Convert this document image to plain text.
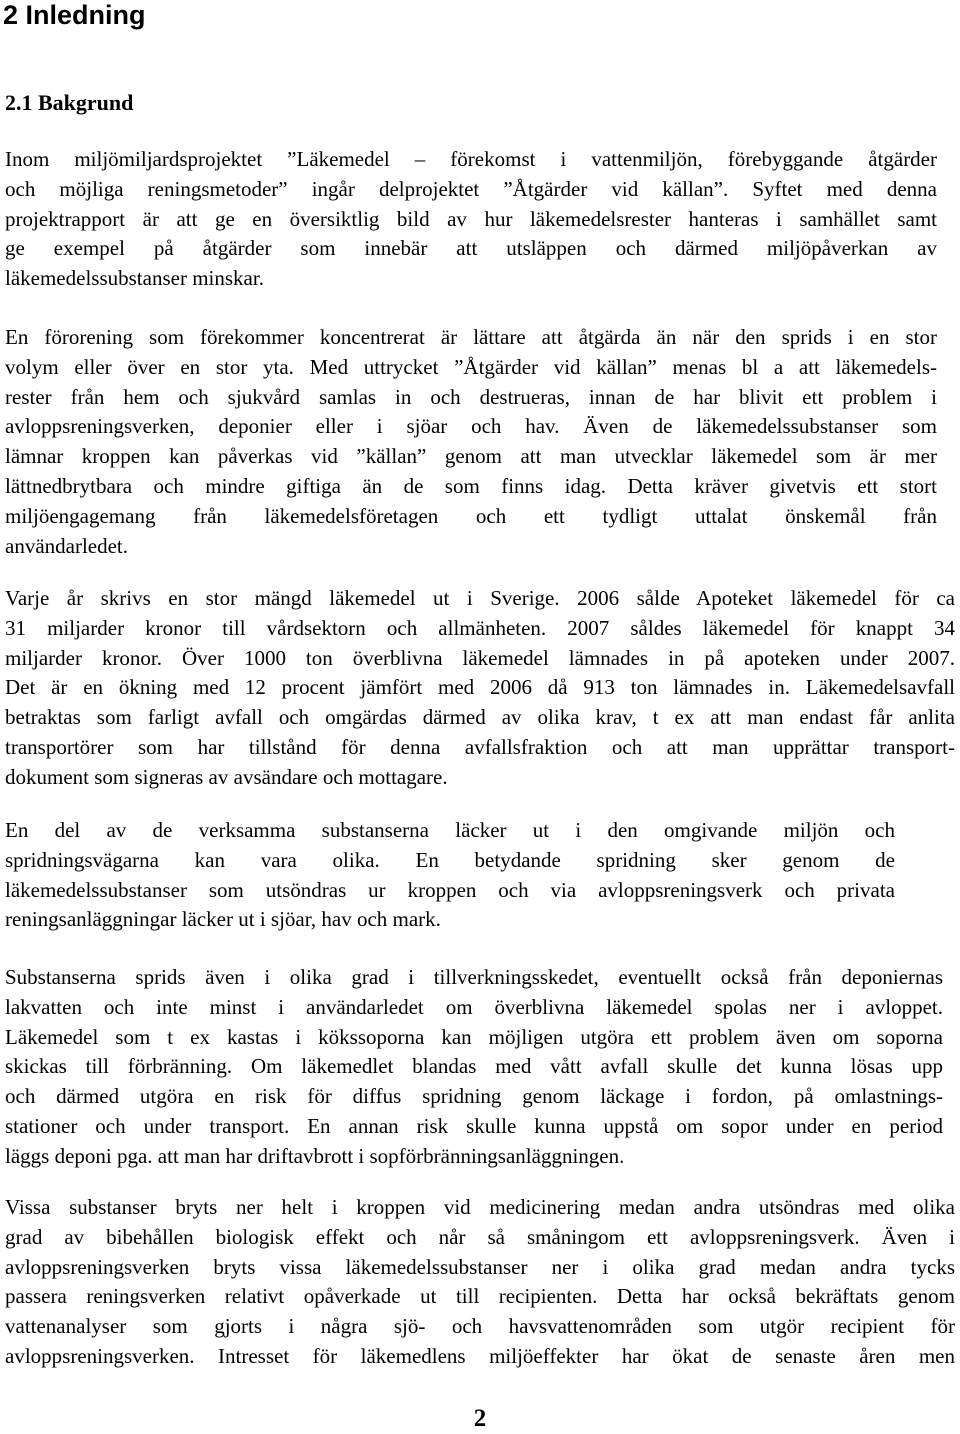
2 Inledning
2.1 Bakgrund
Inom miljömiljardsprojektet ”Läkemedel – förekomst i vattenmiljön, förebyggande åtgärder
och möjliga reningsmetoder” ingår delprojektet ”Åtgärder vid källan”. Syftet med denna
projektrapport är att ge en översiktlig bild av hur läkemedelsrester hanteras i samhället samt
ge exempel på åtgärder som innebär att utsläppen och därmed miljöpåverkan av
läkemedelssubstanser minskar.
En förorening som förekommer koncentrerat är lättare att åtgärda än när den sprids i en stor
volym eller över en stor yta. Med uttrycket ”Åtgärder vid källan” menas bl a att läkemedels-
rester från hem och sjukvård samlas in och destrueras, innan de har blivit ett problem i
avloppsreningsverken, deponier eller i sjöar och hav. Även de läkemedelssubstanser som
lämnar kroppen kan påverkas vid ”källan” genom att man utvecklar läkemedel som är mer
lättnedbrytbara och mindre giftiga än de som finns idag. Detta kräver givetvis ett stort
miljöengagemang från läkemedelsföretagen och ett tydligt uttalat önskemål från
användarledet.
Varje år skrivs en stor mängd läkemedel ut i Sverige. 2006 sålde Apoteket läkemedel för ca
31 miljarder kronor till vårdsektorn och allmänheten. 2007 såldes läkemedel för knappt 34
miljarder kronor. Över 1000 ton överblivna läkemedel lämnades in på apoteken under 2007.
Det är en ökning med 12 procent jämfört med 2006 då 913 ton lämnades in. Läkemedelsavfall
betraktas som farligt avfall och omgärdas därmed av olika krav, t ex att man endast får anlita
transportörer som har tillstånd för denna avfallsfraktion och att man upprättar transport-
dokument som signeras av avsändare och mottagare.
En del av de verksamma substanserna läcker ut i den omgivande miljön och
spridningsvägarna kan vara olika. En betydande spridning sker genom de
läkemedelssubstanser som utsöndras ur kroppen och via avloppsreningsverk och privata
reningsanläggningar läcker ut i sjöar, hav och mark.
Substanserna sprids även i olika grad i tillverkningsskedet, eventuellt också från deponiernas
lakvatten och inte minst i användarledet om överblivna läkemedel spolas ner i avloppet.
Läkemedel som t ex kastas i kökssoporna kan möjligen utgöra ett problem även om soporna
skickas till förbränning. Om läkemedlet blandas med vått avfall skulle det kunna lösas upp
och därmed utgöra en risk för diffus spridning genom läckage i fordon, på omlastnings-
stationer och under transport. En annan risk skulle kunna uppstå om sopor under en period
läggs deponi pga. att man har driftavbrott i sopförbränningsanläggningen.
Vissa substanser bryts ner helt i kroppen vid medicinering medan andra utsöndras med olika
grad av bibehållen biologisk effekt och når så småningom ett avloppsreningsverk. Även i
avloppsreningsverken bryts vissa läkemedelssubstanser ner i olika grad medan andra tycks
passera reningsverken relativt opåverkade ut till recipienten. Detta har också bekräftats genom
vattenanalyser som gjorts i några sjö- och havsvattenområden som utgör recipient för
avloppsreningsverken. Intresset för läkemedlens miljöeffekter har ökat de senaste åren men
2
